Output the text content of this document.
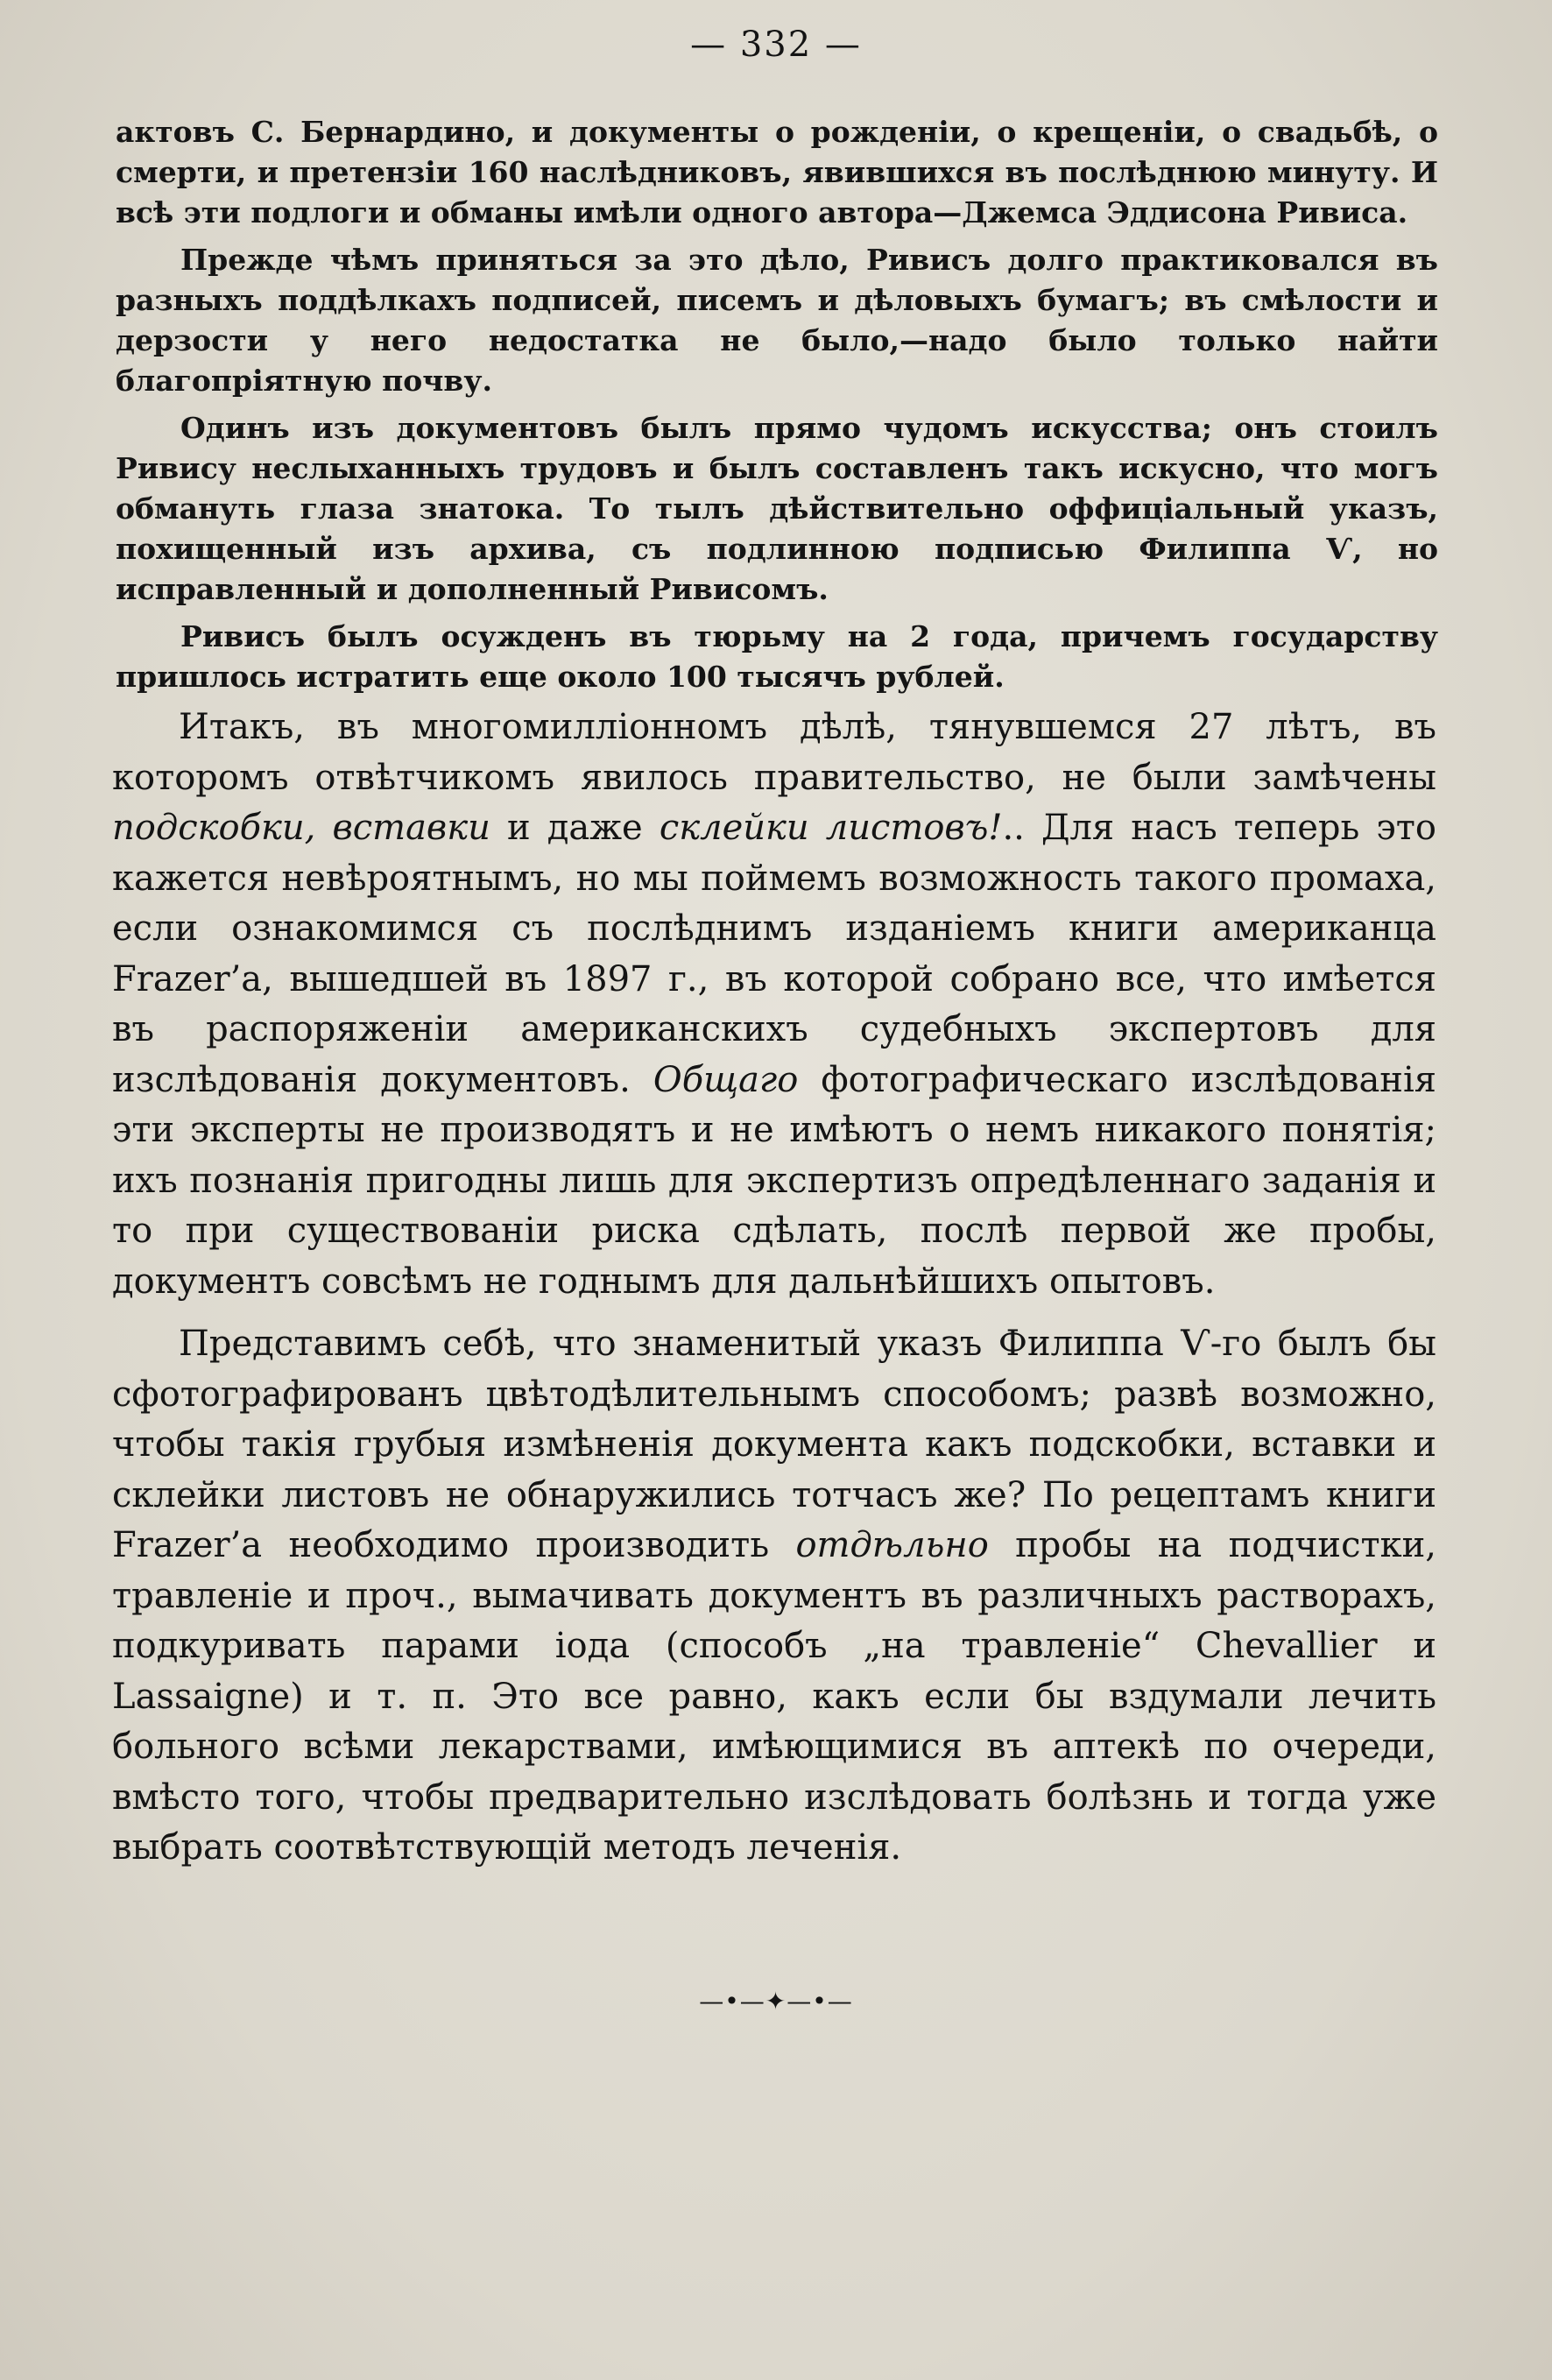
— 332 —

актовъ С. Бернардино, и документы о рожденіи, о крещеніи, о свадьбѣ, о смерти, и претензіи 160 наслѣдниковъ, явившихся въ послѣднюю минуту. И всѣ эти подлоги и обманы имѣли одного автора—Джемса Эддисона Ривиса.

Прежде чѣмъ приняться за это дѣло, Ривисъ долго практиковался въ разныхъ поддѣлкахъ подписей, писемъ и дѣловыхъ бумагъ; въ смѣлости и дерзости у него недостатка не было,—надо было только найти благопріятную почву.

Одинъ изъ документовъ былъ прямо чудомъ искусства; онъ стоилъ Ривису неслыханныхъ трудовъ и былъ составленъ такъ искусно, что могъ обмануть глаза знатока. То тылъ дѣйствительно оффиціальный указъ, похищенный изъ архива, съ подлинною подписью Филиппа Ѵ, но исправленный и дополненный Ривисомъ.

Ривисъ былъ осужденъ въ тюрьму на 2 года, причемъ государству пришлось истратить еще около 100 тысячъ рублей.

Итакъ, въ многомилліонномъ дѣлѣ, тянувшемся 27 лѣтъ, въ которомъ отвѣтчикомъ явилось правительство, не были замѣчены подскобки, вставки и даже склейки листовъ!.. Для насъ теперь это кажется невѣроятнымъ, но мы поймемъ возможность такого промаха, если ознакомимся съ послѣднимъ изданіемъ книги американца Frazer’а, вышедшей въ 1897 г., въ которой собрано все, что имѣется въ распоряженіи американскихъ судебныхъ экспертовъ для изслѣдованія документовъ. Общаго фотографическаго изслѣдованія эти эксперты не производятъ и не имѣютъ о немъ никакого понятія; ихъ познанія пригодны лишь для экспертизъ опредѣленнаго заданія и то при существованіи риска сдѣлать, послѣ первой же пробы, документъ совсѣмъ не годнымъ для дальнѣйшихъ опытовъ.

Представимъ себѣ, что знаменитый указъ Филиппа Ѵ-го былъ бы сфотографированъ цвѣтодѣлительнымъ способомъ; развѣ возможно, чтобы такія грубыя измѣненія документа какъ подскобки, вставки и склейки листовъ не обнаружились тотчасъ же? По рецептамъ книги Frazer’а необходимо производить отдѣльно пробы на подчистки, травленіе и проч., вымачивать документъ въ различныхъ растворахъ, подкуривать парами іода (способъ „на травленіе“ Chevallier и Lassaigne) и т. п. Это все равно, какъ если бы вздумали лечить больного всѣми лекарствами, имѣющимися въ аптекѣ по очереди, вмѣсто того, чтобы предварительно изслѣдовать болѣзнь и тогда уже выбрать соотвѣтствующій методъ леченія.

—•—✦—•—
